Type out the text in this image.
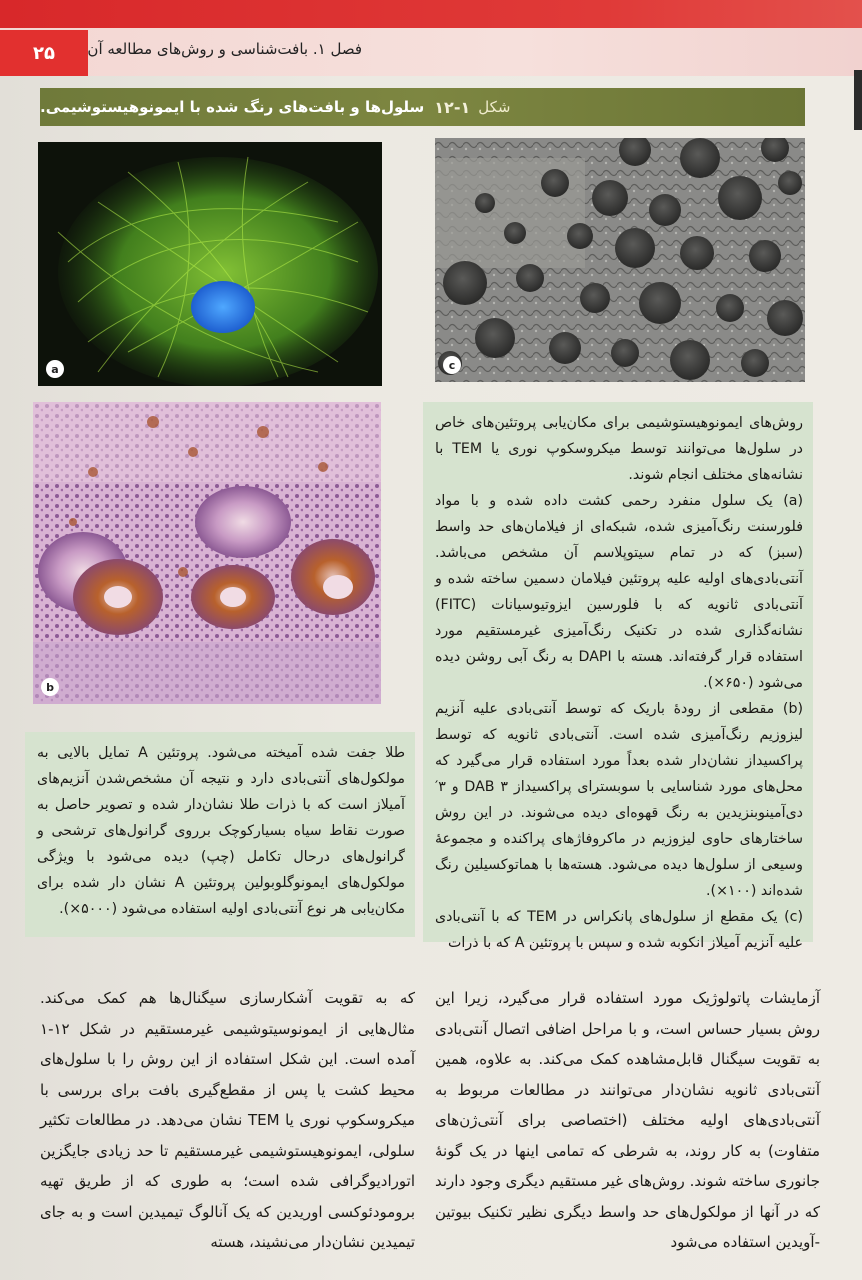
۲۵	فصل ۱. بافت‌شناسی و روش‌های مطالعه آن
شکل
۱۲-۱
سلول‌ها و بافت‌های رنگ شده با ایمونوهیستوشیمی.
a	c
b

روش‌های ایمونوهیستوشیمی برای مکان‌یابی پروتئین‌های خاص در سلول‌ها می‌توانند توسط میکروسکوپ نوری یا TEM با نشانه‌های مختلف انجام شوند.

(a) یک سلول منفرد رحمی کشت داده شده و با مواد فلورسنت رنگ‌آمیزی شده، شبکه‌ای از فیلامان‌های حد واسط (سبز) که در تمام سیتوپلاسم آن مشخص می‌باشد. آنتی‌بادی‌های اولیه علیه پروتئین فیلامان دسمین ساخته شده و آنتی‌بادی ثانویه که با فلورسین ایزوتیوسیانات (FITC) نشانه‌گذاری شده در تکنیک رنگ‌آمیزی غیرمستقیم مورد استفاده قرار گرفته‌اند. هسته با DAPI به رنگ آبی روشن دیده می‌شود (۶۵۰×).

(b) مقطعی از رودهٔ باریک که توسط آنتی‌بادی علیه آنزیم لیزوزیم رنگ‌آمیزی شده است. آنتی‌بادی ثانویه که توسط پراکسیداز نشان‌دار شده بعداً مورد استفاده قرار می‌گیرد که محل‌های مورد شناسایی با سوبسترای پراکسیداز DAB ۳ و ۳′ دی‌آمینوبنزیدین به رنگ قهوه‌ای دیده می‌شوند. در این روش ساختارهای حاوی لیزوزیم در ماکروفاژهای پراکنده و مجموعهٔ وسیعی از سلول‌ها دیده می‌شود. هسته‌ها با هماتوکسیلین رنگ شده‌اند (۱۰۰×).

(c) یک مقطع از سلول‌های پانکراس در TEM که با آنتی‌بادی علیه آنزیم آمیلاز انکوبه شده و سپس با پروتئین A که با ذرات

طلا جفت شده آمیخته می‌شود. پروتئین A تمایل بالایی به مولکول‌های آنتی‌بادی دارد و نتیجه آن مشخص‌شدن آنزیم‌های آمیلاز است که با ذرات طلا نشان‌دار شده و تصویر حاصل به صورت نقاط سیاه بسیارکوچک برروی گرانول‌های ترشحی و گرانول‌های درحال تکامل (چپ) دیده می‌شود با ویژگی مولکول‌های ایمونوگلوبولین پروتئین A نشان دار شده برای مکان‌یابی هر نوع آنتی‌بادی اولیه استفاده می‌شود (۵۰۰۰×).

آزمایشات پاتولوژیک مورد استفاده قرار می‌گیرد، زیرا این روش بسیار حساس است، و با مراحل اضافی اتصال آنتی‌بادی به تقویت سیگنال قابل‌مشاهده کمک می‌کند. به علاوه، همین آنتی‌بادی ثانویه نشان‌دار می‌توانند در مطالعات مربوط به آنتی‌بادی‌های اولیه مختلف (اختصاصی برای آنتی‌ژن‌های متفاوت) به کار روند، به شرطی که تمامی اینها در یک گونهٔ جانوری ساخته شوند. روش‌های غیر مستقیم دیگری وجود دارند که در آنها از مولکول‌های حد واسط دیگری نظیر تکنیک بیوتین -آویدین استفاده می‌شود

که به تقویت آشکارسازی سیگنال‌ها هم کمک می‌کند. مثال‌هایی از ایمونوسیتوشیمی غیرمستقیم در شکل ۱۲-۱ آمده است. این شکل استفاده از این روش را با سلول‌های محیط کشت یا پس از مقطع‌گیری بافت برای بررسی با میکروسکوپ نوری یا TEM نشان می‌دهد. در مطالعات تکثیر سلولی، ایمونوهیستوشیمی غیرمستقیم تا حد زیادی جایگزین اتورادیوگرافی شده است؛ به طوری که از طریق تهیه برومودئوکسی اوریدین که یک آنالوگ تیمیدین است و به جای تیمیدین نشان‌دار می‌نشیند، هسته
